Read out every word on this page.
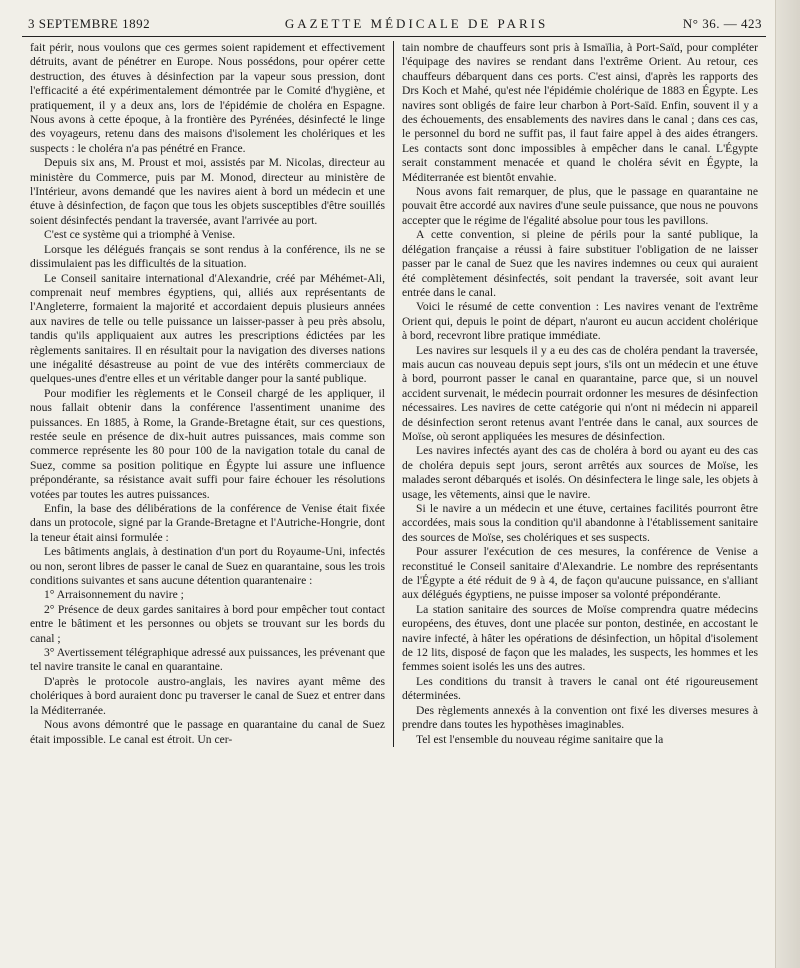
3 SEPTEMBRE 1892	GAZETTE MÉDICALE DE PARIS	N° 36. — 423

fait périr, nous voulons que ces germes soient rapidement et effectivement détruits, avant de pénétrer en Europe. Nous possédons, pour opérer cette destruction, des étuves à désinfection par la vapeur sous pression, dont l'efficacité a été expérimentalement démontrée par le Comité d'hygiène, et pratiquement, il y a deux ans, lors de l'épidémie de choléra en Espagne. Nous avons à cette époque, à la frontière des Pyrénées, désinfecté le linge des voyageurs, retenu dans des maisons d'isolement les cholériques et les suspects : le choléra n'a pas pénétré en France.

Depuis six ans, M. Proust et moi, assistés par M. Nicolas, directeur au ministère du Commerce, puis par M. Monod, directeur au ministère de l'Intérieur, avons demandé que les navires aient à bord un médecin et une étuve à désinfection, de façon que tous les objets susceptibles d'être souillés soient désinfectés pendant la traversée, avant l'arrivée au port.

C'est ce système qui a triomphé à Venise.

Lorsque les délégués français se sont rendus à la conférence, ils ne se dissimulaient pas les difficultés de la situation.

Le Conseil sanitaire international d'Alexandrie, créé par Méhémet-Ali, comprenait neuf membres égyptiens, qui, alliés aux représentants de l'Angleterre, formaient la majorité et accordaient depuis plusieurs années aux navires de telle ou telle puissance un laisser-passer à peu près absolu, tandis qu'ils appliquaient aux autres les prescriptions édictées par les règlements sanitaires. Il en résultait pour la navigation des diverses nations une inégalité désastreuse au point de vue des intérêts commerciaux de quelques-unes d'entre elles et un véritable danger pour la santé publique.

Pour modifier les règlements et le Conseil chargé de les appliquer, il nous fallait obtenir dans la conférence l'assentiment unanime des puissances. En 1885, à Rome, la Grande-Bretagne était, sur ces questions, restée seule en présence de dix-huit autres puissances, mais comme son commerce représente les 80 pour 100 de la navigation totale du canal de Suez, comme sa position politique en Égypte lui assure une influence prépondérante, sa résistance avait suffi pour faire échouer les résolutions votées par toutes les autres puissances.

Enfin, la base des délibérations de la conférence de Venise était fixée dans un protocole, signé par la Grande-Bretagne et l'Autriche-Hongrie, dont la teneur était ainsi formulée :

Les bâtiments anglais, à destination d'un port du Royaume-Uni, infectés ou non, seront libres de passer le canal de Suez en quarantaine, sous les trois conditions suivantes et sans aucune détention quarantenaire :

1° Arraisonnement du navire ;

2° Présence de deux gardes sanitaires à bord pour empêcher tout contact entre le bâtiment et les personnes ou objets se trouvant sur les bords du canal ;

3° Avertissement télégraphique adressé aux puissances, les prévenant que tel navire transite le canal en quarantaine.

D'après le protocole austro-anglais, les navires ayant même des cholériques à bord auraient donc pu traverser le canal de Suez et entrer dans la Méditerranée.

Nous avons démontré que le passage en quarantaine du canal de Suez était impossible. Le canal est étroit. Un cer-

tain nombre de chauffeurs sont pris à Ismaïlia, à Port-Saïd, pour compléter l'équipage des navires se rendant dans l'extrême Orient. Au retour, ces chauffeurs débarquent dans ces ports. C'est ainsi, d'après les rapports des Drs Koch et Mahé, qu'est née l'épidémie cholérique de 1883 en Égypte. Les navires sont obligés de faire leur charbon à Port-Saïd. Enfin, souvent il y a des échouements, des ensablements des navires dans le canal ; dans ces cas, le personnel du bord ne suffit pas, il faut faire appel à des aides étrangers. Les contacts sont donc impossibles à empêcher dans le canal. L'Égypte serait constamment menacée et quand le choléra sévit en Égypte, la Méditerranée est bientôt envahie.

Nous avons fait remarquer, de plus, que le passage en quarantaine ne pouvait être accordé aux navires d'une seule puissance, que nous ne pouvons accepter que le régime de l'égalité absolue pour tous les pavillons.

A cette convention, si pleine de périls pour la santé publique, la délégation française a réussi à faire substituer l'obligation de ne laisser passer par le canal de Suez que les navires indemnes ou ceux qui auraient été complètement désinfectés, soit pendant la traversée, soit avant leur entrée dans le canal.

Voici le résumé de cette convention : Les navires venant de l'extrême Orient qui, depuis le point de départ, n'auront eu aucun accident cholérique à bord, recevront libre pratique immédiate.

Les navires sur lesquels il y a eu des cas de choléra pendant la traversée, mais aucun cas nouveau depuis sept jours, s'ils ont un médecin et une étuve à bord, pourront passer le canal en quarantaine, parce que, si un nouvel accident survenait, le médecin pourrait ordonner les mesures de désinfection nécessaires. Les navires de cette catégorie qui n'ont ni médecin ni appareil de désinfection seront retenus avant l'entrée dans le canal, aux sources de Moïse, où seront appliquées les mesures de désinfection.

Les navires infectés ayant des cas de choléra à bord ou ayant eu des cas de choléra depuis sept jours, seront arrêtés aux sources de Moïse, les malades seront débarqués et isolés. On désinfectera le linge sale, les objets à usage, les vêtements, ainsi que le navire.

Si le navire a un médecin et une étuve, certaines facilités pourront être accordées, mais sous la condition qu'il abandonne à l'établissement sanitaire des sources de Moïse, ses cholériques et ses suspects.

Pour assurer l'exécution de ces mesures, la conférence de Venise a reconstitué le Conseil sanitaire d'Alexandrie. Le nombre des représentants de l'Égypte a été réduit de 9 à 4, de façon qu'aucune puissance, en s'alliant aux délégués égyptiens, ne puisse imposer sa volonté prépondérante.

La station sanitaire des sources de Moïse comprendra quatre médecins européens, des étuves, dont une placée sur ponton, destinée, en accostant le navire infecté, à hâter les opérations de désinfection, un hôpital d'isolement de 12 lits, disposé de façon que les malades, les suspects, les hommes et les femmes soient isolés les uns des autres.

Les conditions du transit à travers le canal ont été rigoureusement déterminées.

Des règlements annexés à la convention ont fixé les diverses mesures à prendre dans toutes les hypothèses imaginables.

Tel est l'ensemble du nouveau régime sanitaire que la
